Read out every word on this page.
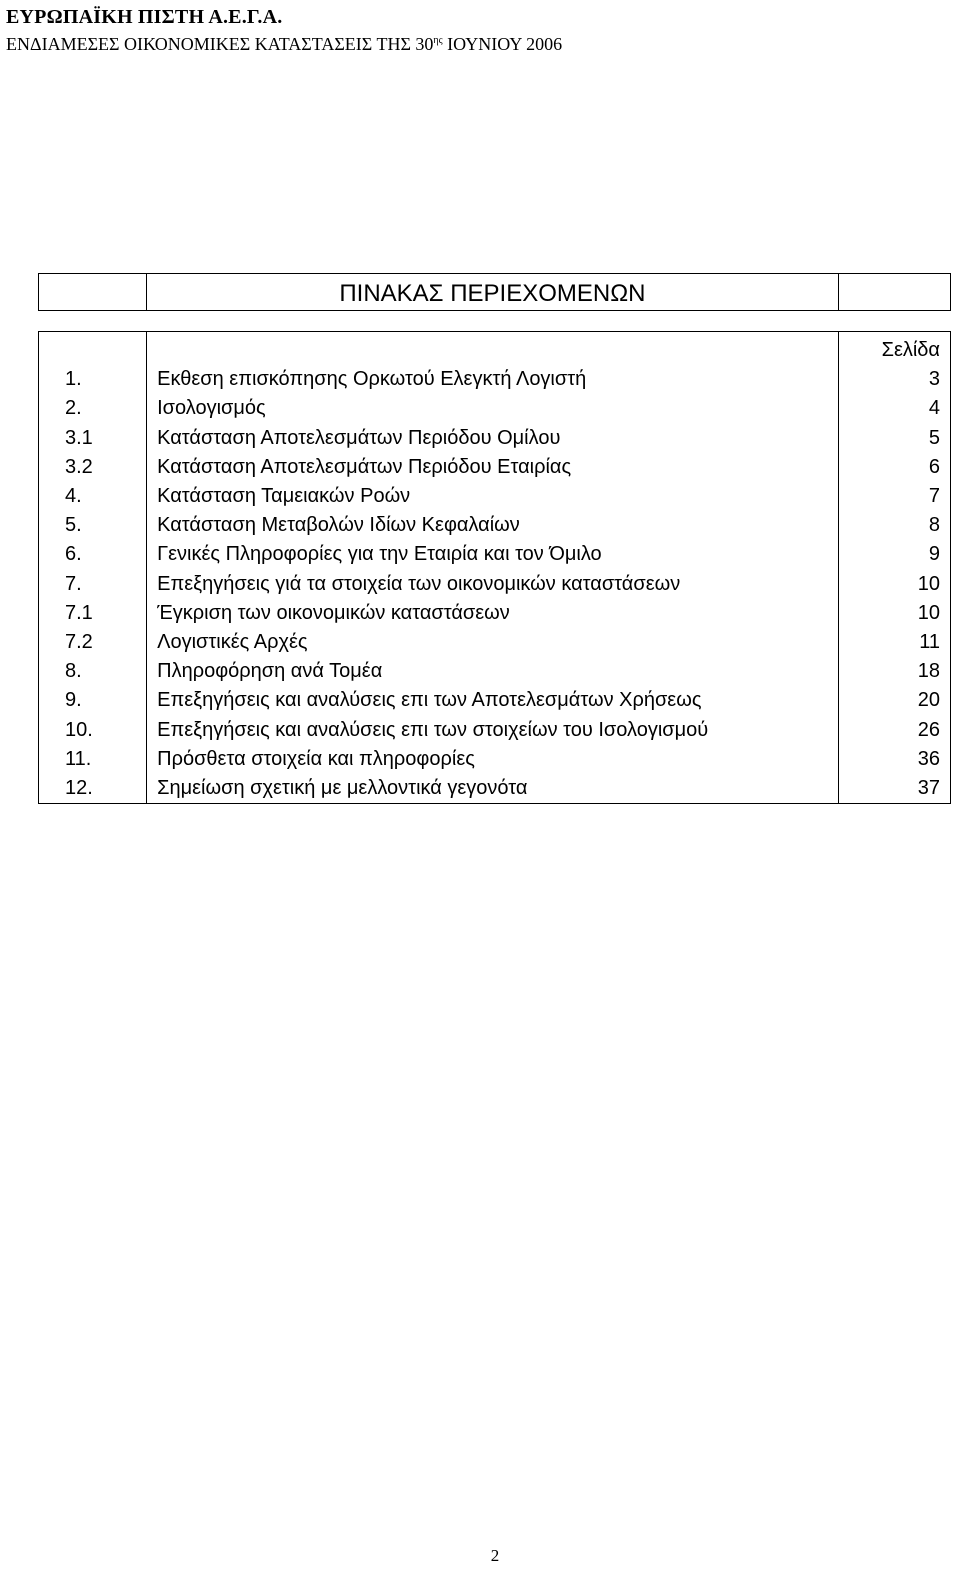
ΕΥΡΩΠΑΪΚΗ ΠΙΣΤΗ Α.Ε.Γ.Α.
ΕΝΔΙΑΜΕΣΕΣ ΟΙΚΟΝΟΜΙΚΕΣ ΚΑΤΑΣΤΑΣΕΙΣ ΤΗΣ $30^{\eta\varsigma}$ ΙΟΥΝΙΟΥ 2006
	ΠΙΝΑΚΑΣ ΠΕΡΙΕΧΟΜΕΝΩΝ	

		Σελίδα
1.	Εκθεση επισκόπησης Ορκωτού Ελεγκτή Λογιστή	3
2.	Ισολογισμός	4
3.1	Κατάσταση Αποτελεσμάτων Περιόδου Ομίλου	5
3.2	Κατάσταση Αποτελεσμάτων Περιόδου Εταιρίας	6
4.	Κατάσταση Ταμειακών Ροών	7
5.	Κατάσταση Μεταβολών Ιδίων Κεφαλαίων	8
6.	Γενικές Πληροφορίες για την Εταιρία και τον Όμιλο	9
7.	Επεξηγήσεις γιά τα στοιχεία των οικονομικών καταστάσεων	10
7.1	Έγκριση των οικονομικών καταστάσεων	10
7.2	Λογιστικές Αρχές	11
8.	Πληροφόρηση ανά Τομέα	18
9.	Επεξηγήσεις και αναλύσεις επι των Αποτελεσμάτων Χρήσεως	20
10.	Επεξηγήσεις και αναλύσεις επι των στοιχείων του Ισολογισμού	26
11.	Πρόσθετα στοιχεία και πληροφορίες	36
12.	Σημείωση σχετική με μελλοντικά γεγονότα	37
2
